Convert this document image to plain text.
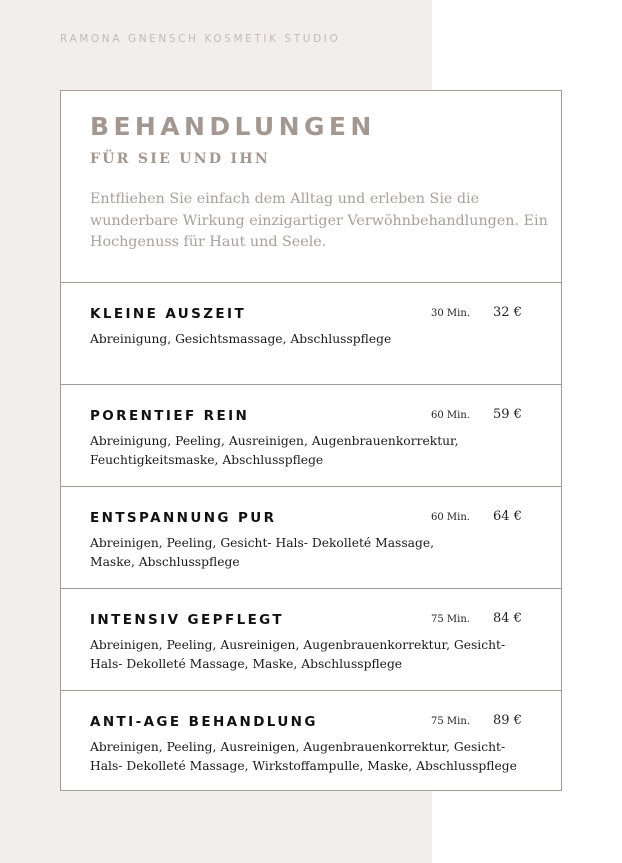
RAMONA GNENSCH KOSMETIK STUDIO
BEHANDLUNGEN
FÜR SIE UND IHN
Entfliehen Sie einfach dem Alltag und erleben Sie die wunderbare Wirkung einzigartiger Verwöhnbehandlungen. Ein Hochgenuss für Haut und Seele.
KLEINE AUSZEIT	30 Min. 32 €
Abreinigung, Gesichtsmassage, Abschlusspflege
PORENTIEF REIN	60 Min. 59 €
Abreinigung, Peeling, Ausreinigen, Augenbrauenkorrektur, Feuchtigkeitsmaske, Abschlusspflege
ENTSPANNUNG PUR	60 Min. 64 €
Abreinigen, Peeling, Gesicht- Hals- Dekolleté Massage, Maske, Abschlusspflege
INTENSIV GEPFLEGT	75 Min. 84 €
Abreinigen, Peeling, Ausreinigen, Augenbrauenkorrektur, Gesicht- Hals- Dekolleté Massage, Maske, Abschlusspflege
ANTI-AGE BEHANDLUNG	75 Min. 89 €
Abreinigen, Peeling, Ausreinigen, Augenbrauenkorrektur, Gesicht- Hals- Dekolleté Massage, Wirkstoffampulle, Maske, Abschlusspflege
